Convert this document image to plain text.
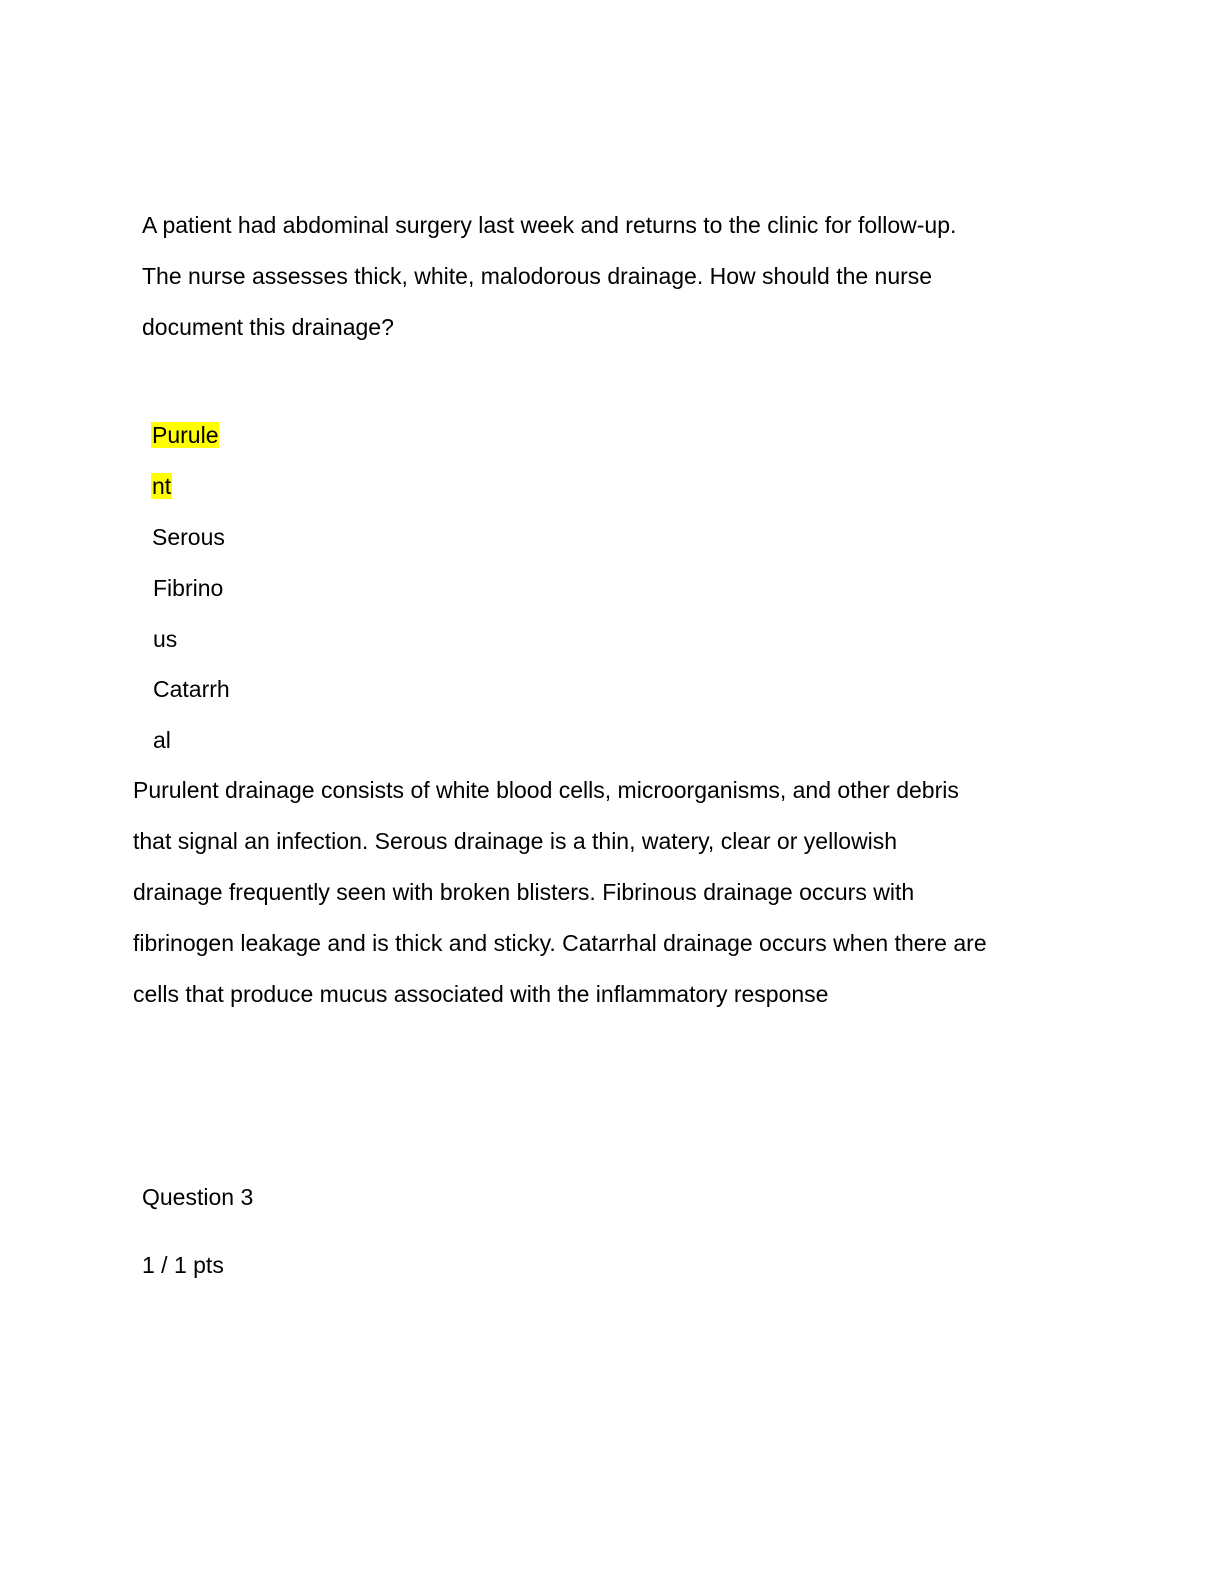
A patient had abdominal surgery last week and returns to the clinic for follow-up.
The nurse assesses thick, white, malodorous drainage. How should the nurse
document this drainage?
Purule
nt
Serous
Fibrino
us
Catarrh
al
Purulent drainage consists of white blood cells, microorganisms, and other debris
that signal an infection. Serous drainage is a thin, watery, clear or yellowish
drainage frequently seen with broken blisters. Fibrinous drainage occurs with
fibrinogen leakage and is thick and sticky. Catarrhal drainage occurs when there are
cells that produce mucus associated with the inflammatory response
Question 3
1 / 1 pts
